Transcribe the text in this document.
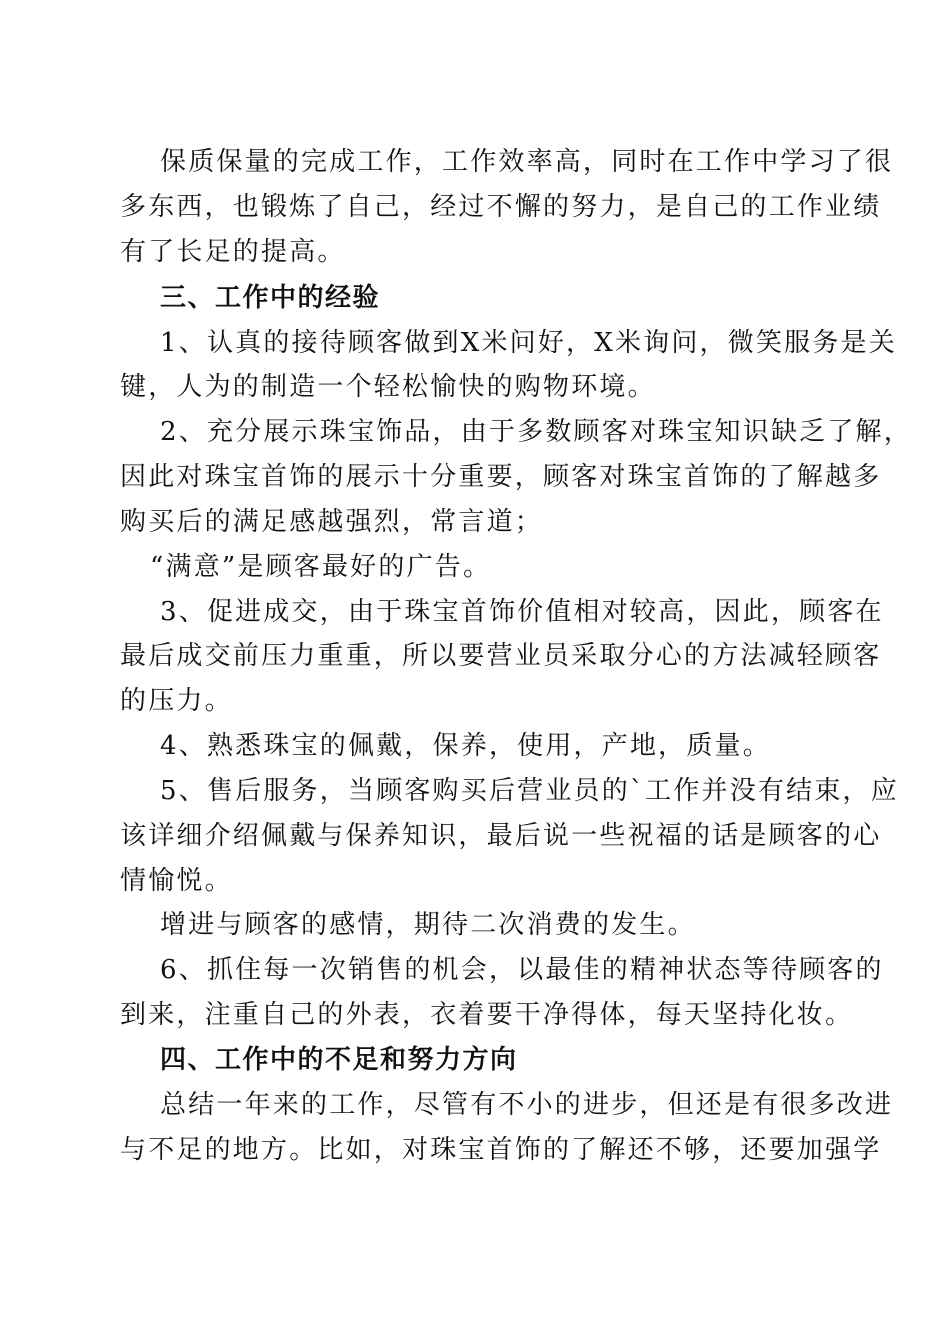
保质保量的完成工作，工作效率高，同时在工作中学习了很
多东西，也锻炼了自己，经过不懈的努力，是自己的工作业绩
有了长足的提高。
三、工作中的经验
1、认真的接待顾客做到X米问好，X米询问，微笑服务是关
键，人为的制造一个轻松愉快的购物环境。
2、充分展示珠宝饰品，由于多数顾客对珠宝知识缺乏了解，
因此对珠宝首饰的展示十分重要，顾客对珠宝首饰的了解越多
购买后的满足感越强烈，常言道；
“满意”是顾客最好的广告。
3、促进成交，由于珠宝首饰价值相对较高，因此，顾客在
最后成交前压力重重，所以要营业员采取分心的方法减轻顾客
的压力。
4、熟悉珠宝的佩戴，保养，使用，产地，质量。
5、售后服务，当顾客购买后营业员的`工作并没有结束，应
该详细介绍佩戴与保养知识，最后说一些祝福的话是顾客的心
情愉悦。
增进与顾客的感情，期待二次消费的发生。
6、抓住每一次销售的机会，以最佳的精神状态等待顾客的
到来，注重自己的外表，衣着要干净得体，每天坚持化妆。
四、工作中的不足和努力方向
总结一年来的工作，尽管有不小的进步，但还是有很多改进
与不足的地方。比如，对珠宝首饰的了解还不够，还要加强学
